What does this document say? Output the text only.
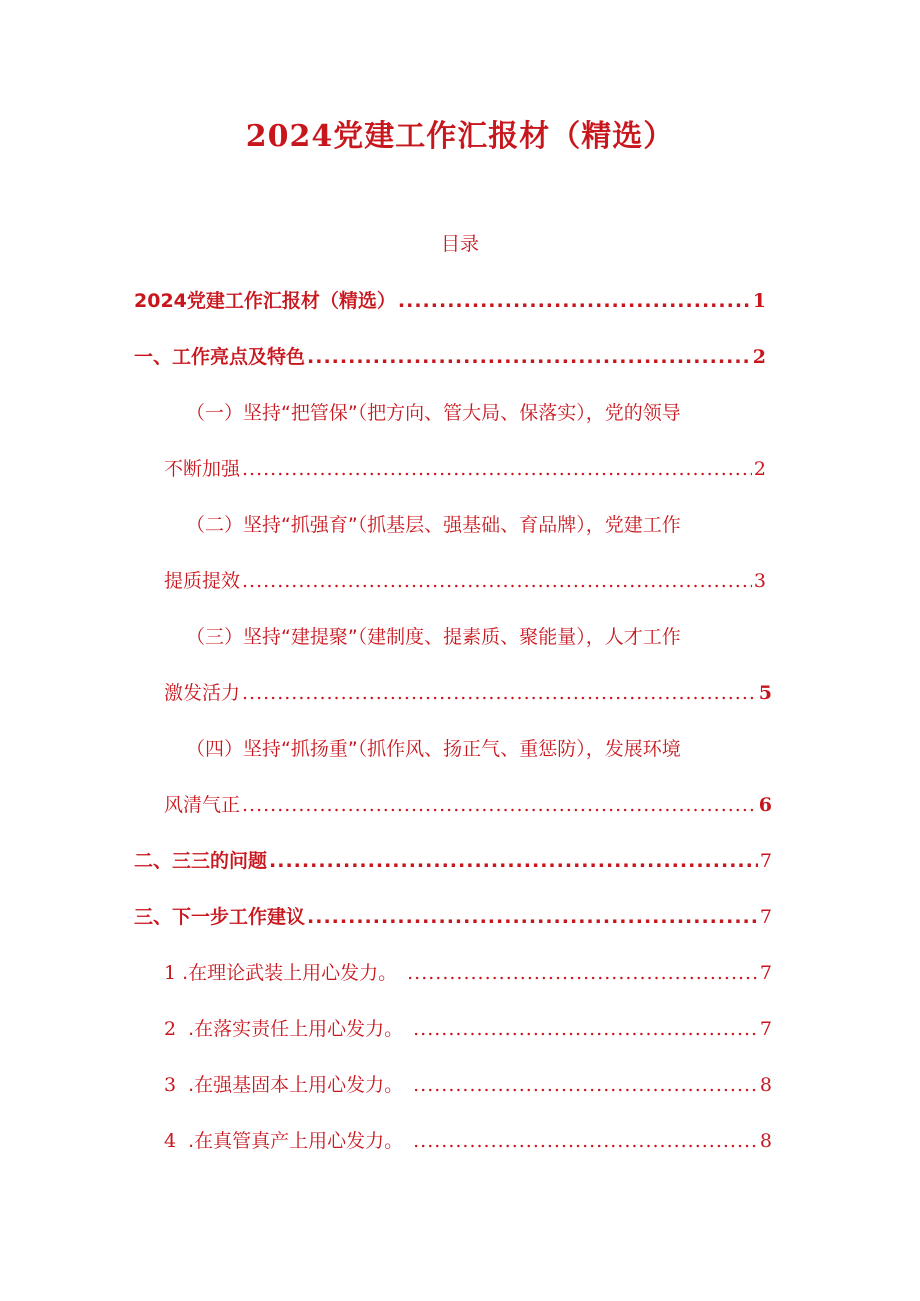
2024党建工作汇报材（精选）
目录
2024党建工作汇报材（精选） .....	1
一、工作亮点及特色 .....	2
（一）坚持“把管保”（把方向、管大局、保落实），党的领导
不断加强 .....	2
（二）坚持“抓强育”（抓基层、强基础、育品牌），党建工作
提质提效 .....	3
（三）坚持“建提聚”（建制度、提素质、聚能量），人才工作
激发活力 .....	5
（四）坚持“抓扬重”（抓作风、扬正气、重惩防），发展环境
风清气正 .....	6
二、三三的问题 .....	7
三、下一步工作建议 .....	7
1 .在理论武装上用心发力。 .....	7
2 .在落实责任上用心发力。 .....	7
3 .在强基固本上用心发力。 .....	8
4 .在真管真产上用心发力。 .....	8
